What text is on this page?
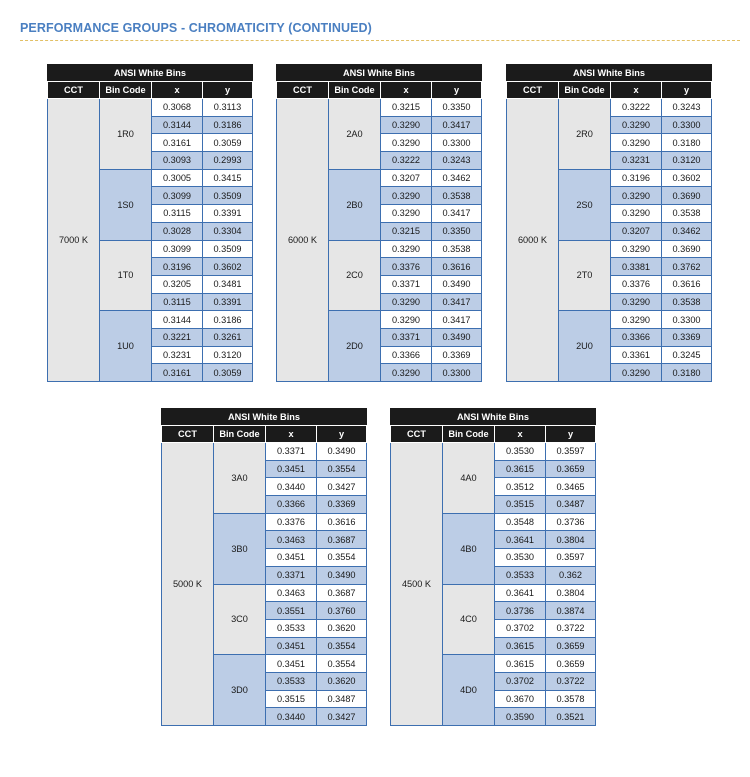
PERFORMANCE GROUPS - CHROMATICITY (CONTINUED)
ANSI White Bins			
CCT	Bin Code	x	y
7000 K	1R0	0.3068	0.3113
		0.3144	0.3186
		0.3161	0.3059
		0.3093	0.2993
	1S0	0.3005	0.3415
		0.3099	0.3509
		0.3115	0.3391
		0.3028	0.3304
	1T0	0.3099	0.3509
		0.3196	0.3602
		0.3205	0.3481
		0.3115	0.3391
	1U0	0.3144	0.3186
		0.3221	0.3261
		0.3231	0.3120
		0.3161	0.3059
ANSI White Bins			
CCT	Bin Code	x	y
6000 K	2A0	0.3215	0.3350
		0.3290	0.3417
		0.3290	0.3300
		0.3222	0.3243
	2B0	0.3207	0.3462
		0.3290	0.3538
		0.3290	0.3417
		0.3215	0.3350
	2C0	0.3290	0.3538
		0.3376	0.3616
		0.3371	0.3490
		0.3290	0.3417
	2D0	0.3290	0.3417
		0.3371	0.3490
		0.3366	0.3369
		0.3290	0.3300
ANSI White Bins			
CCT	Bin Code	x	y
6000 K	2R0	0.3222	0.3243
		0.3290	0.3300
		0.3290	0.3180
		0.3231	0.3120
	2S0	0.3196	0.3602
		0.3290	0.3690
		0.3290	0.3538
		0.3207	0.3462
	2T0	0.3290	0.3690
		0.3381	0.3762
		0.3376	0.3616
		0.3290	0.3538
	2U0	0.3290	0.3300
		0.3366	0.3369
		0.3361	0.3245
		0.3290	0.3180
ANSI White Bins			
CCT	Bin Code	x	y
5000 K	3A0	0.3371	0.3490
		0.3451	0.3554
		0.3440	0.3427
		0.3366	0.3369
	3B0	0.3376	0.3616
		0.3463	0.3687
		0.3451	0.3554
		0.3371	0.3490
	3C0	0.3463	0.3687
		0.3551	0.3760
		0.3533	0.3620
		0.3451	0.3554
	3D0	0.3451	0.3554
		0.3533	0.3620
		0.3515	0.3487
		0.3440	0.3427
ANSI White Bins			
CCT	Bin Code	x	y
4500 K	4A0	0.3530	0.3597
		0.3615	0.3659
		0.3512	0.3465
		0.3515	0.3487
	4B0	0.3548	0.3736
		0.3641	0.3804
		0.3530	0.3597
		0.3533	0.362
	4C0	0.3641	0.3804
		0.3736	0.3874
		0.3702	0.3722
		0.3615	0.3659
	4D0	0.3615	0.3659
		0.3702	0.3722
		0.3670	0.3578
		0.3590	0.3521
